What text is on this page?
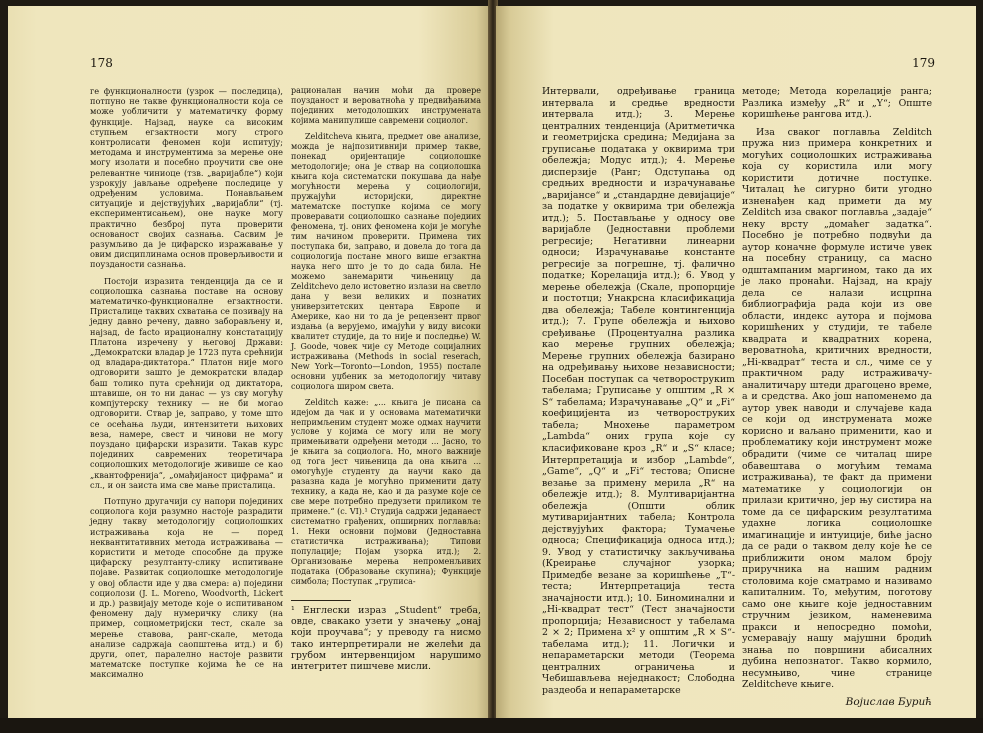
178

ге функционалности (узрок — последица), потпуно не такве функционалности која се може уобличити у математичку форму функције. Најзад, науке са високим ступњем егзактности могу строго контролисати феномен који испитују; методама и инструментима за мерење оне могу изолати и посебно проучити све оне релевантне чиниоце (тзв. „варијабле“) који узрокују јављање одређене последице у одређеним условима. Понављањем ситуације и дејствујућих „варијабли“ (тј. експериментисањем), оне науке могу практично безброј пута проверити основаност својих сазнања. Сасвим је разумљиво да је цифарско изражавање у овим дисциплинама основ проверљивости и поузданости сазнања.

Постоји изразита тенденција да се и социолошка сазнања поставе на основу математичко-функционалне егзактности. Присталице таквих схватања се позивају на једну давно речену, давно заборављену и, најзад, de facto ирационалну констатацију Платона изречену у његовој Држави: „Демократски владар је 1723 пута срећнији од владара-диктатора.“ Платон није мого одговорити зашто је демократски владар баш толико пута срећнији од диктатора, штавише, он то ни данас — уз сву могућу компјутерску технику — не би могао одговорити. Ствар је, заправо, у томе што се осећања људи, интензитети њихових веза, намере, свест и чинови не могу поуздано цифарски изразити. Такав курс појединих савремених теоретичара социолошких методологије живише се као „квантофренија“, „омађијаност цифрама“ и сл., и он заиста има све мање присталица.

Потпуно другачији су напори појединих социолога који разумно настоје разрадити једну такву методологију социолошких истраживања која не — поред неквантитативних метода истраживања — користити и методе способне да пруже цифарску резултанту-слику испитиване појаве. Развитак социолошке методологије у овој области иде у два смера: а) поједини социолози (J. L. Moreno, Woodvorth, Lickert и др.) развијају методе које о испитиваном феномену дају нумеричку слику (на пример, социометријски тест, скале за мерење ставова, ранг-скале, метода анализе садржаја саопштења итд.) и б) други, опет, паралелно настоје развити математске поступке којима ће се на максимално

рационалан начин моћи да провере поузданост и вероватноћа у предвиђањима појединих методолошких инструмената којима манипулише савремени социолог.

Zelditcheva књига, предмет ове анализе, можда је најпозитивнији пример такве, понекад оријентације социолошке методологије; она је ствар на социолошка књига која систематски покушава да нађе могућности мерења у социологији, пружајући историјски, директне математске поступке којима се могу проверавати социолошко сазнање поједиих феномена, тј. оних феномена који је могуће тим начином проверити. Примена тих поступака би, заправо, и довела до тога да социологија постане много више егзактна наука него што је то до сада била. Не можемо занемарити чињеницу да Zelditchevo дело истоветно излази на светло дана у вези великих и познатих универзитетских центара Европе и Америке, као ни то да је рецензент првог издања (а верујемо, имајући у виду високи квалитет студије, да то није и последње) W. J. Goode, човек чије су Методе социјалних истраживања (Methods in social reserach, New York—Toronto—London, 1955) постале основни уџбеник за методологију читаву социолога широм света.

Zelditch каже: „... књига је писана са идејом да чак и у основама математички непримљеним студент може одмах научити услове у којима се могу или не могу примењивати одређени методи ... Јасно, то је књига за социолога. Но, много важније од тога јест чињеница да она књига ... омогућује студенту да научи како да разазна када је могућно применити дату технику, а када не, као и да разуме које се све мере потребно предузети приликом те примене.“ (с. VI).¹ Студија садржи једанаест систематно грађених, опширних поглавља: 1. Неки основни појмови (Једноставна статистичка истраживања); Типови популације; Појам узорка итд.); 2. Организовање мерења непрoменљивих података (Образовање скупина); Функције симбола; Поступак „груписа-

¹ Енглески израз „Student“ треба, овде, свакако узети у значењу „онај који проучава“; у преводу га нисмо тако интерпретирали не желећи да грубом интервенцијом нарушимо интегритет пишчеве мисли.
179

Интервали, одређивање граница интервала и средње вредности интервала итд.); 3. Мерење централних тенденција (Аритметичка и геометријска средина; Медијана за груписање података у оквирима три обележја; Модус итд.); 4. Мерење дисперзије (Ранг; Одступања од средњих вредности и израчунавање „варијансе“ и „стандардне девијације“ за податке у оквирима три обележја итд.); 5. Постављање у односу ове варијабле (Једноставни проблеми регресије; Негативни линеарни односи; Израчунавање константе регресије за погрешне, тј. фалично податке; Корелација итд.); 6. Увод у мерење обележја (Скале, пропорције и постотци; Унакрсна класификација два обележја; Табеле контингенција итд.); 7. Групе обележја и њихово сређивање (Процентуална разлика као мерење групних обележја; Мерење групних обележја базирано на одређивању њихове независности; Посебан поступак са четворострукиm табелама; Груписање у општим „R × S“ табелама; Израчунавање „Q“ и „Fi“ коефицијента из четвороструких табела; Мноxење параметром „Lambda“ оних група које су класификоване кроз „R“ и „S“ класе; Интерпретација и избор „Lambde“, „Game“, „Q“ и „Fi“ тестова; Описне везање за примену мерила „R“ на обележје итд.); 8. Мултиваријантна обележја (Општи облик мутиваријантних табела; Контрола дејствујућих фактора; Тумачење односа; Спецификација односа итд.); 9. Увод у статистичку закључивања (Креирање случајног узорка; Примедбе везане за коришћење „Т“-теста; Интерпретација теста значајности итд.); 10. Биноминални и „Hi-квадрат тест“ (Тест значајности пропорција; Независност у табелама 2 × 2; Примена x² у општим „R × S“-табелама итд.); 11. Логички и непараметарски методи (Теорема централних ограничења и Чебишављева неједнакост; Слободна раздеоба и непараметарске

методе; Метода корелације ранга; Разлика између „R“ и „Y“; Опште коришћење рангова итд.).

Иза сваког поглавља Zelditch пружа низ примера конкретних и могућих социолошких истраживања која су користила или могу користити дотичне поступке. Читалац ће сигурно бити угодно изненађен кад примети да му Zelditch иза сваког поглавља „задаје“ неку врсту „домаћег задатка“. Посебно је потребно подвући да аутор коначне формуле истиче увек на посебну страницу, са масно одштампаним маргином, тако да их је лако пронаћи. Најзад, на крају дела се налази исцрпна библиографија рада који из ове области, индекс аутора и појмова коришћених у студији, те табеле квадрата и квадратних корена, вероватноћа, критичних вредности, „Hi-квадрат“ теста и сл., чиме се у практичном раду истраживачу-аналитичару штеди драгоцено време, а и средства. Ако још напоменемо да аутор увек наводи и случајеве када се који од инструмената може корисно и ваљано применити, као и проблематику који инструмент може обрадити (чиме се читалац шире обавештава о могућим темама истраживања), те факт да примени математике у социологији он прилази критично, јер њу систира на томе да се цифарским резултатима удахне логика социолошке имагинације и интуиције, биће јасно да се ради о таквом делу које ће се приближити оном малом броју приручника на нашим радним столовима које сматрамо и називамо капиталним. То, међутим, поготову само оне књиге које једноставним стручним језиком, наменевима пракси и непосредно помоћи, усмеравају нашу мајушни бродић знања по површини абисалних дубина непознатог. Такво кормило, несумњиво, чине странице Zelditcheve књиге.

Војислав Бурић
